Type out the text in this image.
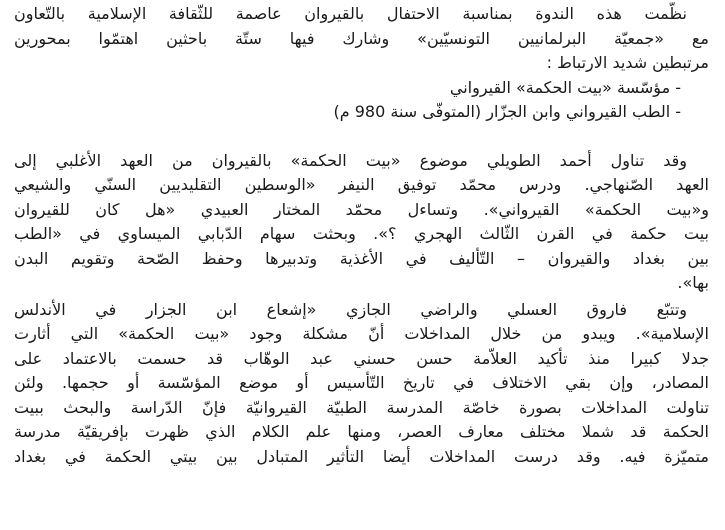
نظّمت هذه الندوة بمناسبة الاحتفال بالقيروان عاصمة للثّقافة الإسلامية بالتّعاون
مع «جمعيّة البرلمانيين التونسيّين» وشارك فيها ستّة باحثين اهتمّوا بمحورين
مرتبطين شديد الارتباط :
- مؤسّسة «بيت الحكمة» القيرواني
- الطب القيرواني وابن الجزّار (المتوفّى سنة 980 م)
وقد تناول أحمد الطويلي موضوع «بيت الحكمة» بالقيروان من العهد الأغلبي إلى
العهد الصّنهاجي. ودرس محمّد توفيق النيفر «الوسطين التقليديين السنّي والشيعي
و«بيت الحكمة» القيرواني». وتساءل محمّد المختار العبيدي «هل كان للقيروان
بيت حكمة في القرن الثّالث الهجري ؟». وبحثت سهام الدّبابي الميساوي في «الطب
بين بغداد والقيروان – التّأليف في الأغذية وتدبيرها وحفظ الصّحة وتقويم البدن
بها».
وتتبّع فاروق العسلي والراضي الجازي «إشعاع ابن الجزار في الأندلس
الإسلامية». ويبدو من خلال المداخلات أنّ مشكلة وجود «بيت الحكمة» التي أثارت
جدلا كبيرا منذ تأكيد العلاّمة حسن حسني عبد الوهّاب قد حسمت بالاعتماد على
المصادر، وإن بقي الاختلاف في تاريخ التّأسيس أو موضع المؤسّسة أو حجمها. ولئن
تناولت المداخلات بصورة خاصّة المدرسة الطبيّة القيروانيّة فإنّ الدّراسة والبحث ببيت
الحكمة قد شملا مختلف معارف العصر، ومنها علم الكلام الذي ظهرت بإفريقيّة مدرسة
متميّزة فيه. وقد درست المداخلات أيضا التأثير المتبادل بين بيتي الحكمة في بغداد
